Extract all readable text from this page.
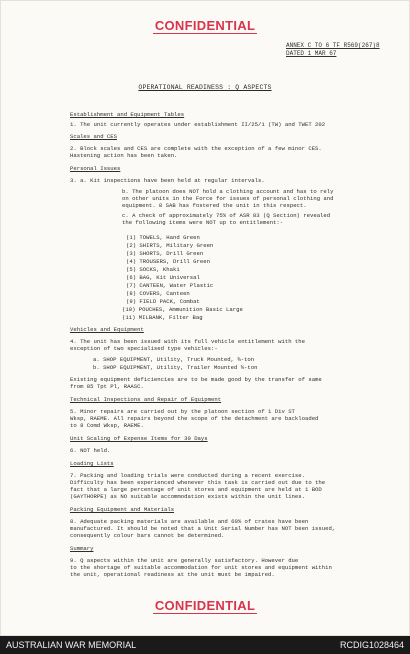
CONFIDENTIAL
ANNEX C TO 6 TF R569(267)8
DATED 1 MAR 67
OPERATIONAL READINESS : Q ASPECTS
Establishment and Equipment Tables
1. The unit currently operates under establishment II/25/1 (TW) and TWET 202
Scales and CES
2. Block scales and CES are complete with the exception of a few minor CES.
Hastening action has been taken.
Personal Issues
3. a. Kit inspections have been held at regular intervals.
b. The platoon does NOT hold a clothing account and has to rely
on other units in the Force for issues of personal clothing and
equipment. 8 SAB has fostered the unit in this respect.
c. A check of approximately 75% of ASR 83 (Q Section) revealed
the following items were NOT up to entitlement:-
(1) TOWELS, Hand Green
(2) SHIRTS, Military Green
(3) SHORTS, Drill Green
(4) TROUSERS, Drill Green
(5) SOCKS, Khaki
(6) BAG, Kit Universal
(7) CANTEEN, Water Plastic
(8) COVERS, Canteen
(9) FIELD PACK, Combat
(10) POUCHES, Ammunition Basic Large
(11) MILBANK, Filter Bag
Vehicles and Equipment
4. The unit has been issued with its full vehicle entitlement with the
exception of two specialised type vehicles:-
a. SHOP EQUIPMENT, Utility, Truck Mounted, ¾-ton
b. SHOP EQUIPMENT, Utility, Trailer Mounted ¾-ton
Existing equipment deficiencies are to be made good by the transfer of same
from 85 Tpt Pl, RAASC.
Technical Inspections and Repair of Equipment
5. Minor repairs are carried out by the platoon section of 1 Div ST
Wksp, RAEME. All repairs beyond the scope of the detachment are backloaded
to 8 Comd Wksp, RAEME.
Unit Scaling of Expense Items for 30 Days
6. NOT held.
Loading Lists
7. Packing and loading trials were conducted during a recent exercise.
Difficulty has been experienced whenever this task is carried out due to the
fact that a large percentage of unit stores and equipment are held at 1 BOD
(GAYTHORPE) as NO suitable accommodation exists within the unit lines.
Packing Equipment and Materials
8. Adequate packing materials are available and 60% of crates have been
manufactured. It should be noted that a Unit Serial Number has NOT been issued,
consequently colour bars cannot be determined.
Summary
9. Q aspects within the unit are generally satisfactory. However due
to the shortage of suitable accommodation for unit stores and equipment within
the unit, operational readiness at the unit must be impaired.
CONFIDENTIAL
AUSTRALIAN WAR MEMORIAL	RCDIG1028464
